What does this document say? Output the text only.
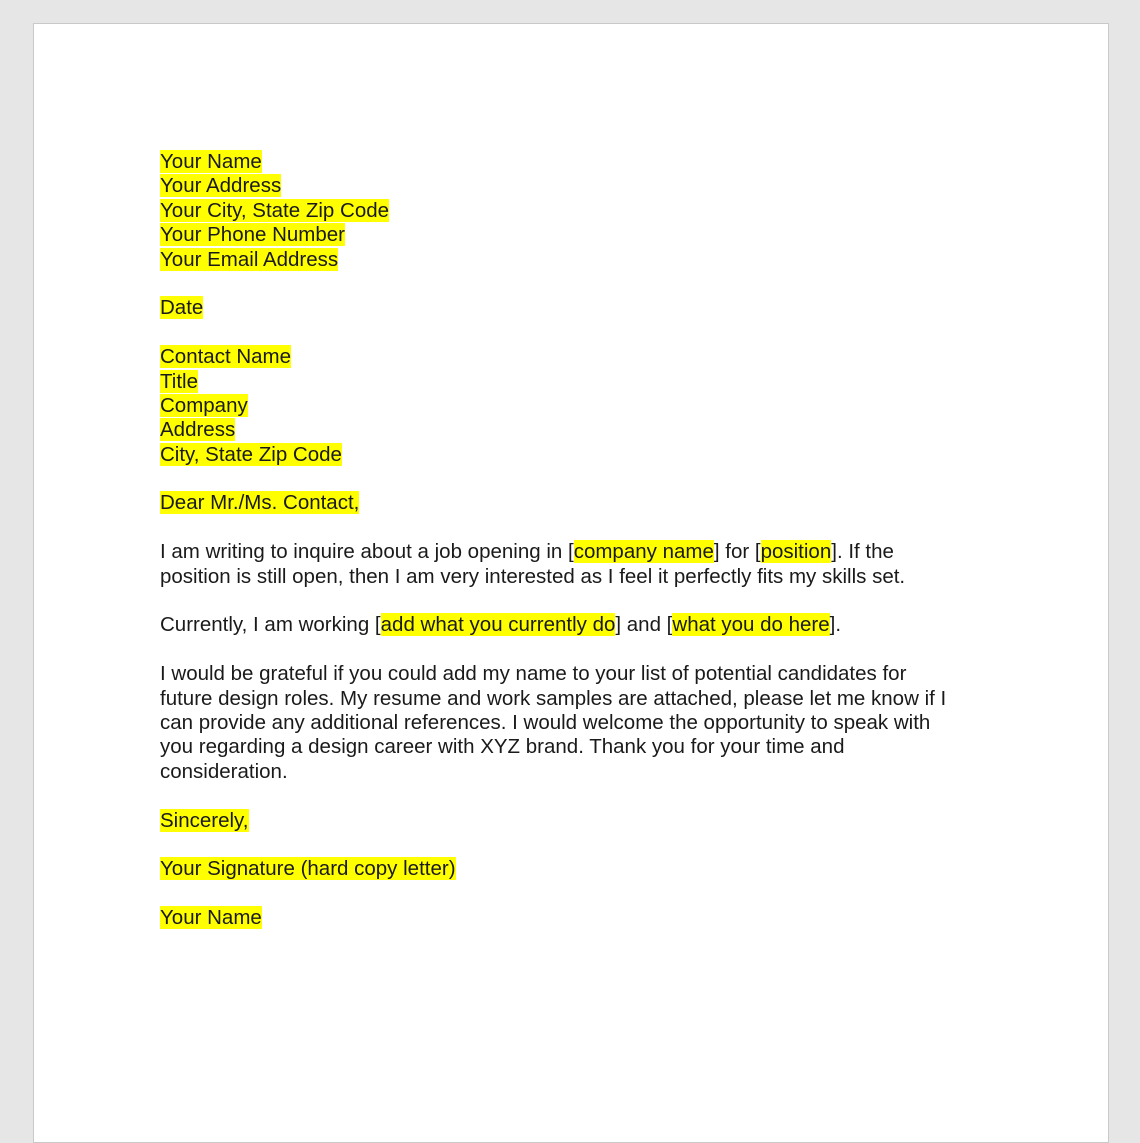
Your Name
Your Address
Your City, State Zip Code
Your Phone Number
Your Email Address
Date
Contact Name
Title
Company
Address
City, State Zip Code
Dear Mr./Ms. Contact,
I am writing to inquire about a job opening in [company name] for [position]. If the
position is still open, then I am very interested as I feel it perfectly fits my skills set.
Currently, I am working [add what you currently do] and [what you do here].
I would be grateful if you could add my name to your list of potential candidates for
future design roles. My resume and work samples are attached, please let me know if I
can provide any additional references. I would welcome the opportunity to speak with
you regarding a design career with XYZ brand. Thank you for your time and
consideration.
Sincerely,
Your Signature (hard copy letter)
Your Name
